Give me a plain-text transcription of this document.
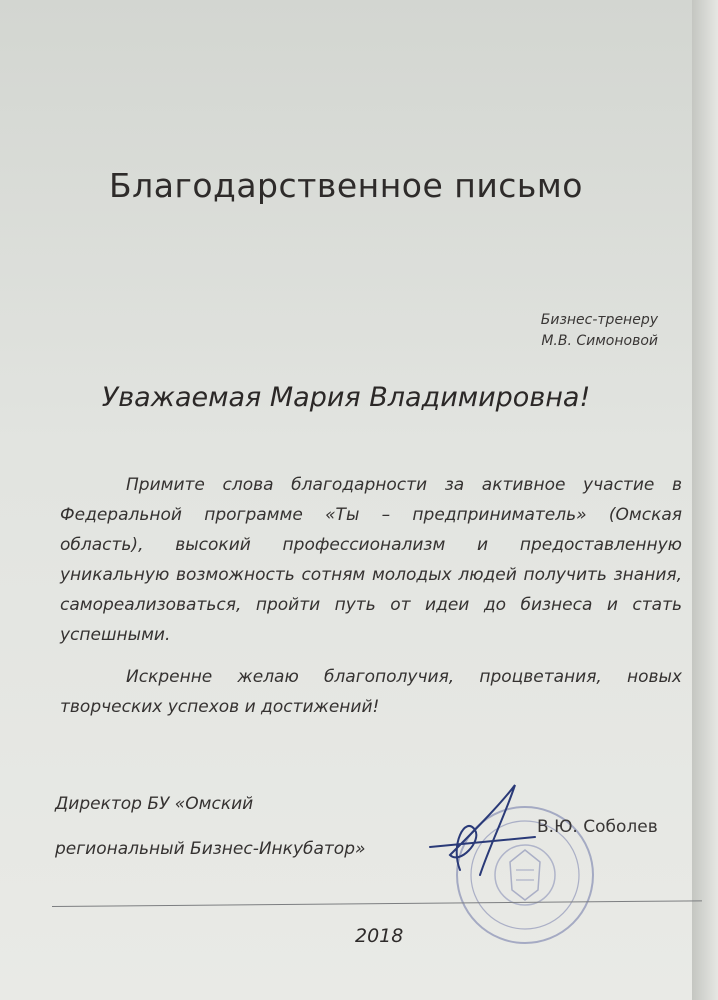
Благодарственное письмо
Бизнес-тренеру
М.В. Симоновой
Уважаемая Мария Владимировна!

Примите слова благодарности за активное участие в Федеральной программе «Ты – предприниматель» (Омская область), высокий профессионализм и предоставленную уникальную возможность сотням молодых людей получить знания, самореализоваться, пройти путь от идеи до бизнеса и стать успешными.

Искренне желаю благополучия, процветания, новых творческих успехов и достижений!

Директор БУ «Омский
региональный Бизнес-Инкубатор»
В.Ю. Соболев
2018
